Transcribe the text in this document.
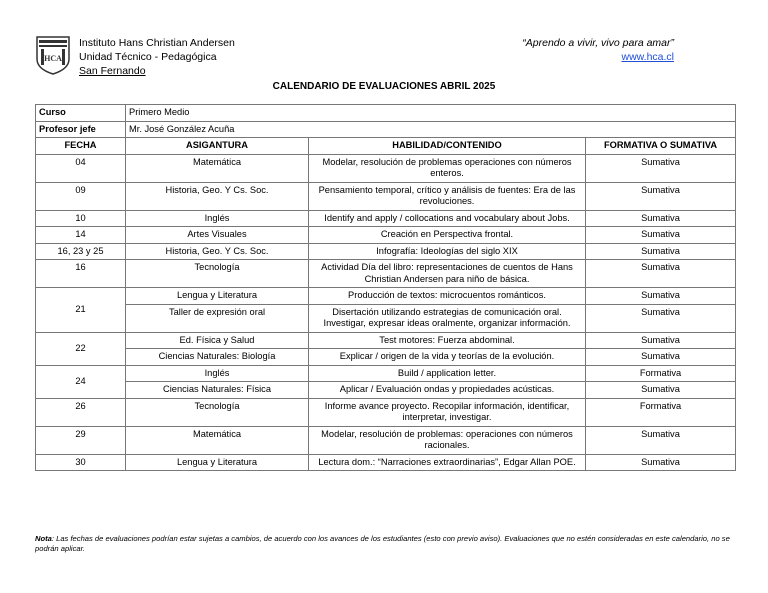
HCA
Instituto Hans Christian Andersen
Unidad Técnico - Pedagógica
San Fernando
“Aprendo a vivir, vivo para amar”
www.hca.cl
CALENDARIO DE EVALUACIONES ABRIL 2025
Curso	Primero Medio		
Profesor jefe	Mr. José González Acuña		
FECHA	ASIGANTURA	HABILIDAD/CONTENIDO	FORMATIVA O SUMATIVA
04	Matemática	Modelar, resolución de problemas operaciones con números enteros.	Sumativa
09	Historia, Geo. Y Cs. Soc.	Pensamiento temporal, crítico y análisis de fuentes: Era de las revoluciones.	Sumativa
10	Inglés	Identify and apply / collocations and vocabulary about Jobs.	Sumativa
14	Artes Visuales	Creación en Perspectiva frontal.	Sumativa
16, 23 y 25	Historia, Geo. Y Cs. Soc.	Infografía: Ideologías del siglo XIX	Sumativa
16	Tecnología	Actividad Día del libro: representaciones de cuentos de Hans Christian Andersen para niño de básica.	Sumativa
21	Lengua y Literatura	Producción de textos: microcuentos románticos.	Sumativa
	Taller de expresión oral	Disertación utilizando estrategias de comunicación oral. Investigar, expresar ideas oralmente, organizar información.	Sumativa
22	Ed. Física y Salud	Test motores: Fuerza abdominal.	Sumativa
	Ciencias Naturales: Biología	Explicar / origen de la vida y teorías de la evolución.	Sumativa
24	Inglés	Build / application letter.	Formativa
	Ciencias Naturales: Física	Aplicar / Evaluación ondas y propiedades acústicas.	Sumativa
26	Tecnología	Informe avance proyecto. Recopilar información, identificar, interpretar, investigar.	Formativa
29	Matemática	Modelar, resolución de problemas: operaciones con números racionales.	Sumativa
30	Lengua y Literatura	Lectura dom.: “Narraciones extraordinarias”, Edgar Allan POE.	Sumativa
Nota: Las fechas de evaluaciones podrían estar sujetas a cambios, de acuerdo con los avances de los estudiantes (esto con previo aviso). Evaluaciones que no estén consideradas en este calendario, no se podrán aplicar.
